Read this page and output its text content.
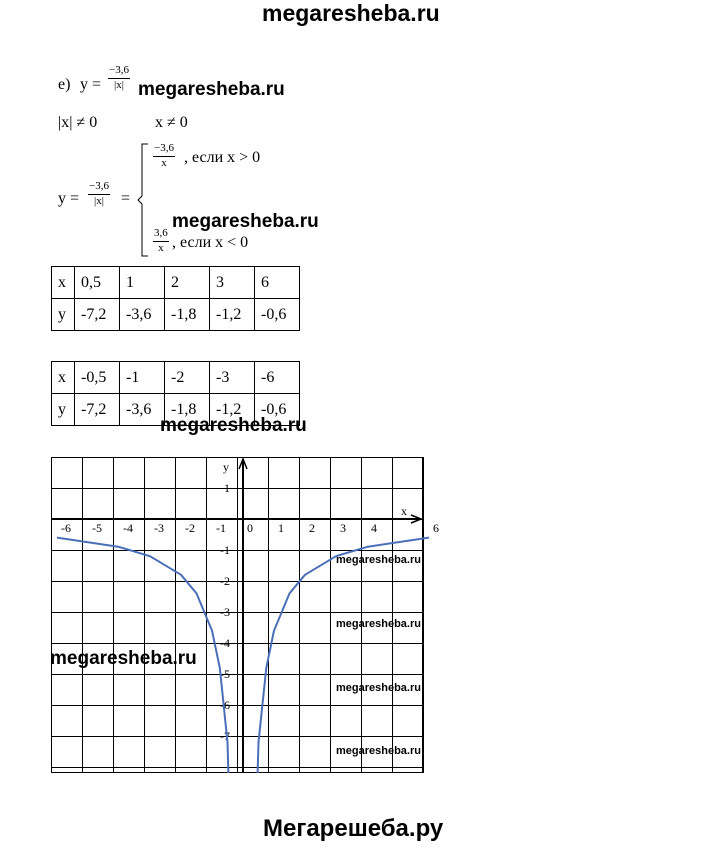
megaresheba.ru
е) $y = \frac{-3,6}{|x|}$ megaresheba.ru
|x| ≠ 0	x ≠ 0
$y = \frac{-3,6}{|x|}$ =
$\frac{-3,6}{x}$ , если x > 0
megaresheba.ru
$\frac{3,6}{x}$ , если x < 0
x	0,5	1	2	3	6
y	-7,2	-3,6	-1,8	-1,2	-0,6
x	-0,5	-1	-2	-3	-6
y	-7,2	-3,6	-1,8	-1,2	-0,6
megaresheba.ru
-6 -5 -4 -3 -2 -1 0 1 2 3 4	6
1
-1
-2
-3
-4
-5
-6
-7
x
y
megaresheba.ru
megaresheba.ru
megaresheba.ru
megaresheba.ru
megaresheba.ru
Мегарешеба.ру
